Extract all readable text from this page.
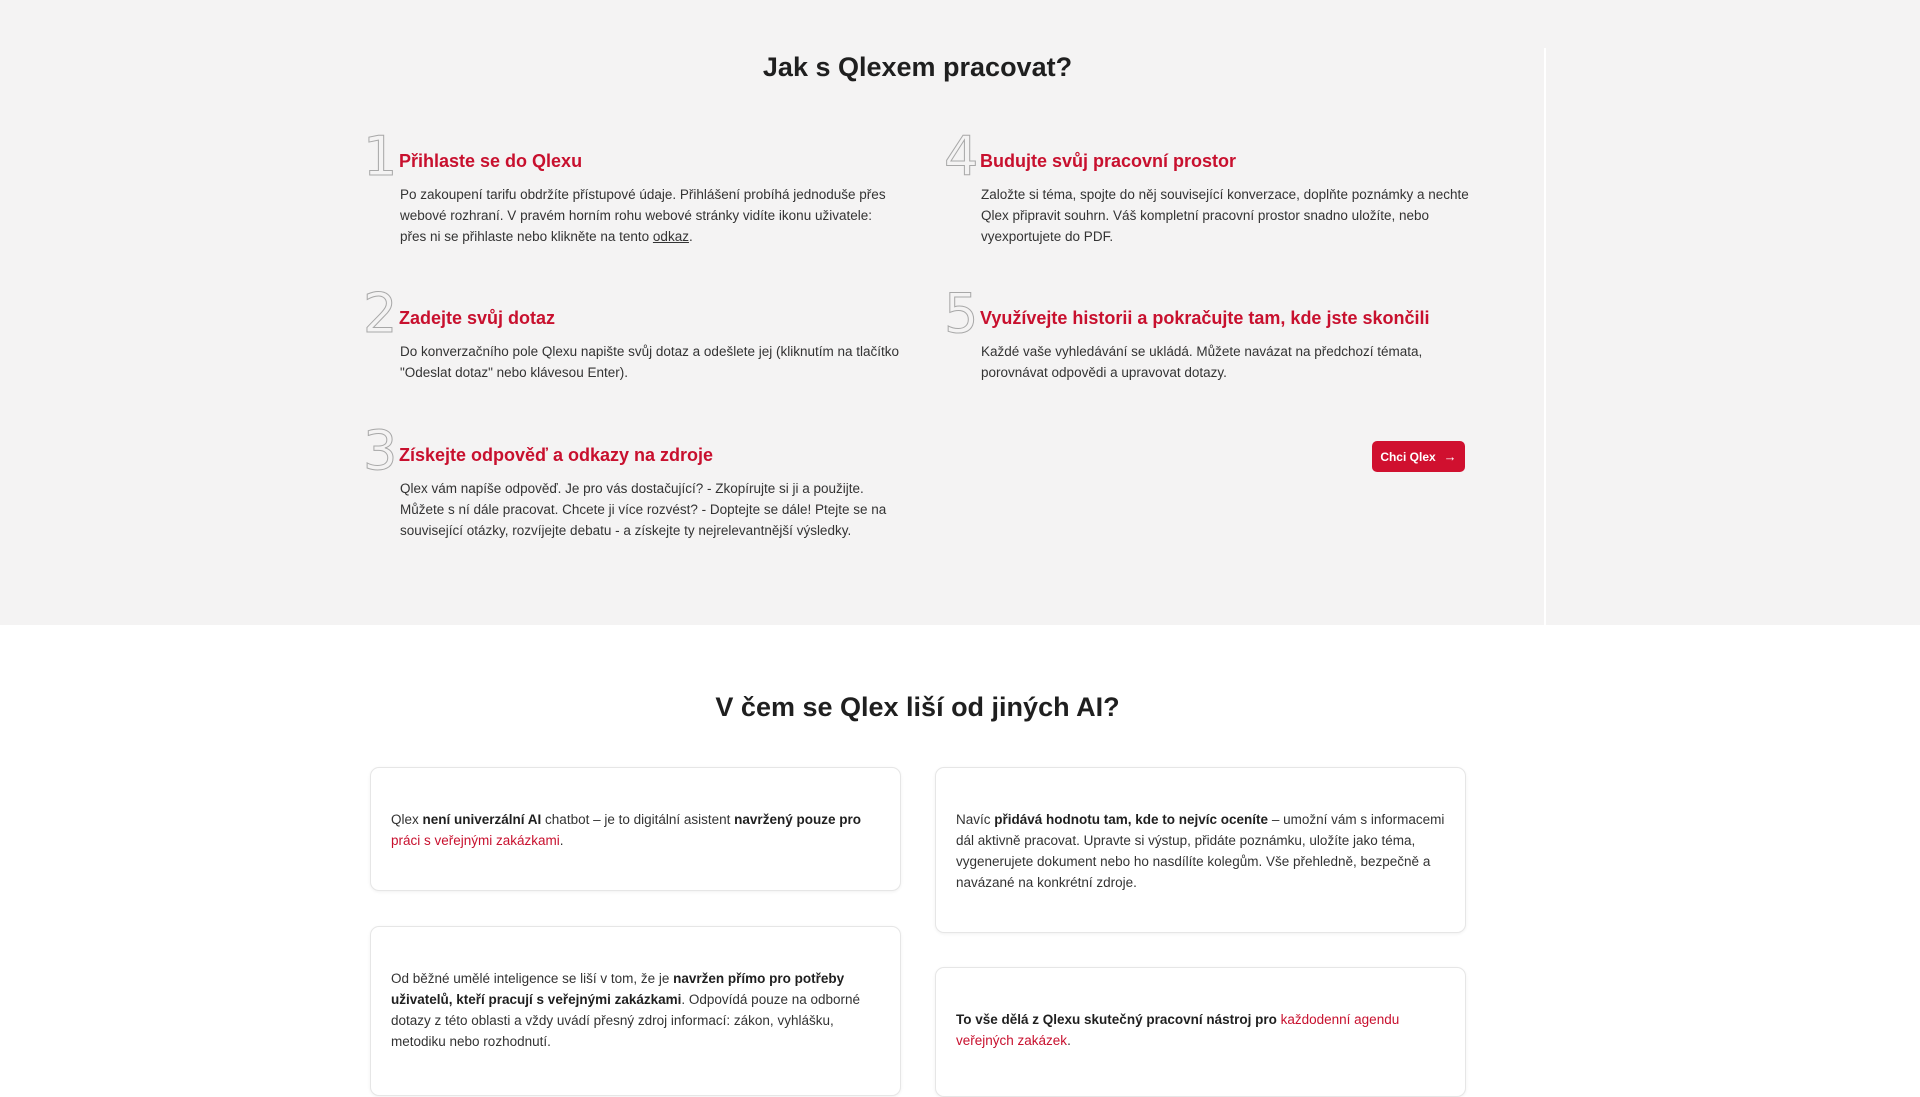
Jak s Qlexem pracovat?
1 Přihlaste se do Qlexu

Po zakoupení tarifu obdržíte přístupové údaje. Přihlášení probíhá jednoduše přes webové rozhraní. V pravém horním rohu webové stránky vidíte ikonu uživatele: přes ni se přihlaste nebo klikněte na tento odkaz.

2 Zadejte svůj dotaz

Do konverzačního pole Qlexu napište svůj dotaz a odešlete jej (kliknutím na tlačítko "Odeslat dotaz" nebo klávesou Enter).

3 Získejte odpověď a odkazy na zdroje

Qlex vám napíše odpověď. Je pro vás dostačující? - Zkopírujte si ji a použijte. Můžete s ní dále pracovat. Chcete ji více rozvést? - Doptejte se dále! Ptejte se na související otázky, rozvíjejte debatu - a získejte ty nejrelevantnější výsledky.

4 Budujte svůj pracovní prostor

Založte si téma, spojte do něj související konverzace, doplňte poznámky a nechte Qlex připravit souhrn. Váš kompletní pracovní prostor snadno uložíte, nebo vyexportujete do PDF.

5 Využívejte historii a pokračujte tam, kde jste skončili

Každé vaše vyhledávání se ukládá. Můžete navázat na předchozí témata, porovnávat odpovědi a upravovat dotazy.

Chci Qlex →
V čem se Qlex liší od jiných AI?

Qlex není univerzální AI chatbot – je to digitální asistent navržený pouze pro práci s veřejnými zakázkami.

Navíc přidává hodnotu tam, kde to nejvíc oceníte – umožní vám s informacemi dál aktivně pracovat. Upravte si výstup, přidáte poznámku, uložíte jako téma, vygenerujete dokument nebo ho nasdílíte kolegům. Vše přehledně, bezpečně a navázané na konkrétní zdroje.

Od běžné umělé inteligence se liší v tom, že je navržen přímo pro potřeby uživatelů, kteří pracují s veřejnými zakázkami. Odpovídá pouze na odborné dotazy z této oblasti a vždy uvádí přesný zdroj informací: zákon, vyhlášku, metodiku nebo rozhodnutí.

To vše dělá z Qlexu skutečný pracovní nástroj pro každodenní agendu veřejných zakázek.
